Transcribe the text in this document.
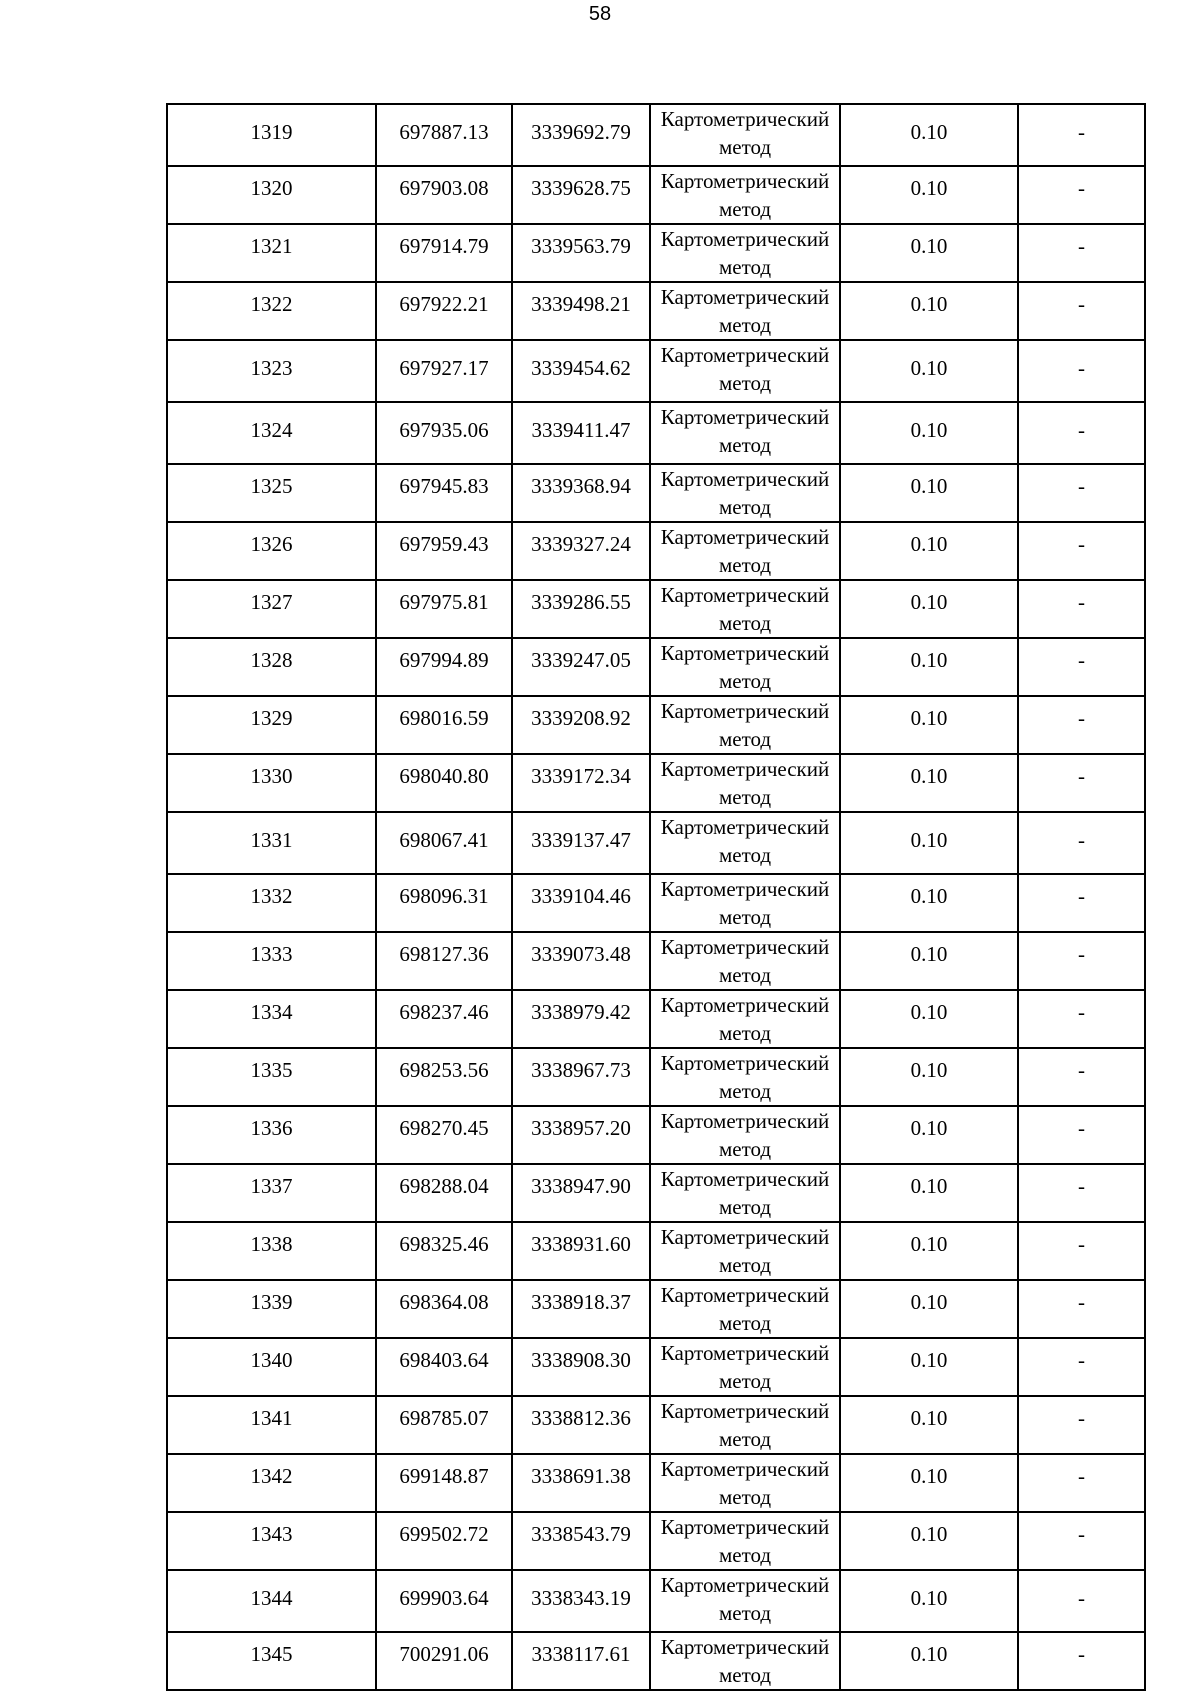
58
1319	697887.13	3339692.79	Картометрический метод	0.10	-
1320	697903.08	3339628.75	Картометрический метод	0.10	-
1321	697914.79	3339563.79	Картометрический метод	0.10	-
1322	697922.21	3339498.21	Картометрический метод	0.10	-
1323	697927.17	3339454.62	Картометрический метод	0.10	-
1324	697935.06	3339411.47	Картометрический метод	0.10	-
1325	697945.83	3339368.94	Картометрический метод	0.10	-
1326	697959.43	3339327.24	Картометрический метод	0.10	-
1327	697975.81	3339286.55	Картометрический метод	0.10	-
1328	697994.89	3339247.05	Картометрический метод	0.10	-
1329	698016.59	3339208.92	Картометрический метод	0.10	-
1330	698040.80	3339172.34	Картометрический метод	0.10	-
1331	698067.41	3339137.47	Картометрический метод	0.10	-
1332	698096.31	3339104.46	Картометрический метод	0.10	-
1333	698127.36	3339073.48	Картометрический метод	0.10	-
1334	698237.46	3338979.42	Картометрический метод	0.10	-
1335	698253.56	3338967.73	Картометрический метод	0.10	-
1336	698270.45	3338957.20	Картометрический метод	0.10	-
1337	698288.04	3338947.90	Картометрический метод	0.10	-
1338	698325.46	3338931.60	Картометрический метод	0.10	-
1339	698364.08	3338918.37	Картометрический метод	0.10	-
1340	698403.64	3338908.30	Картометрический метод	0.10	-
1341	698785.07	3338812.36	Картометрический метод	0.10	-
1342	699148.87	3338691.38	Картометрический метод	0.10	-
1343	699502.72	3338543.79	Картометрический метод	0.10	-
1344	699903.64	3338343.19	Картометрический метод	0.10	-
1345	700291.06	3338117.61	Картометрический метод	0.10	-
